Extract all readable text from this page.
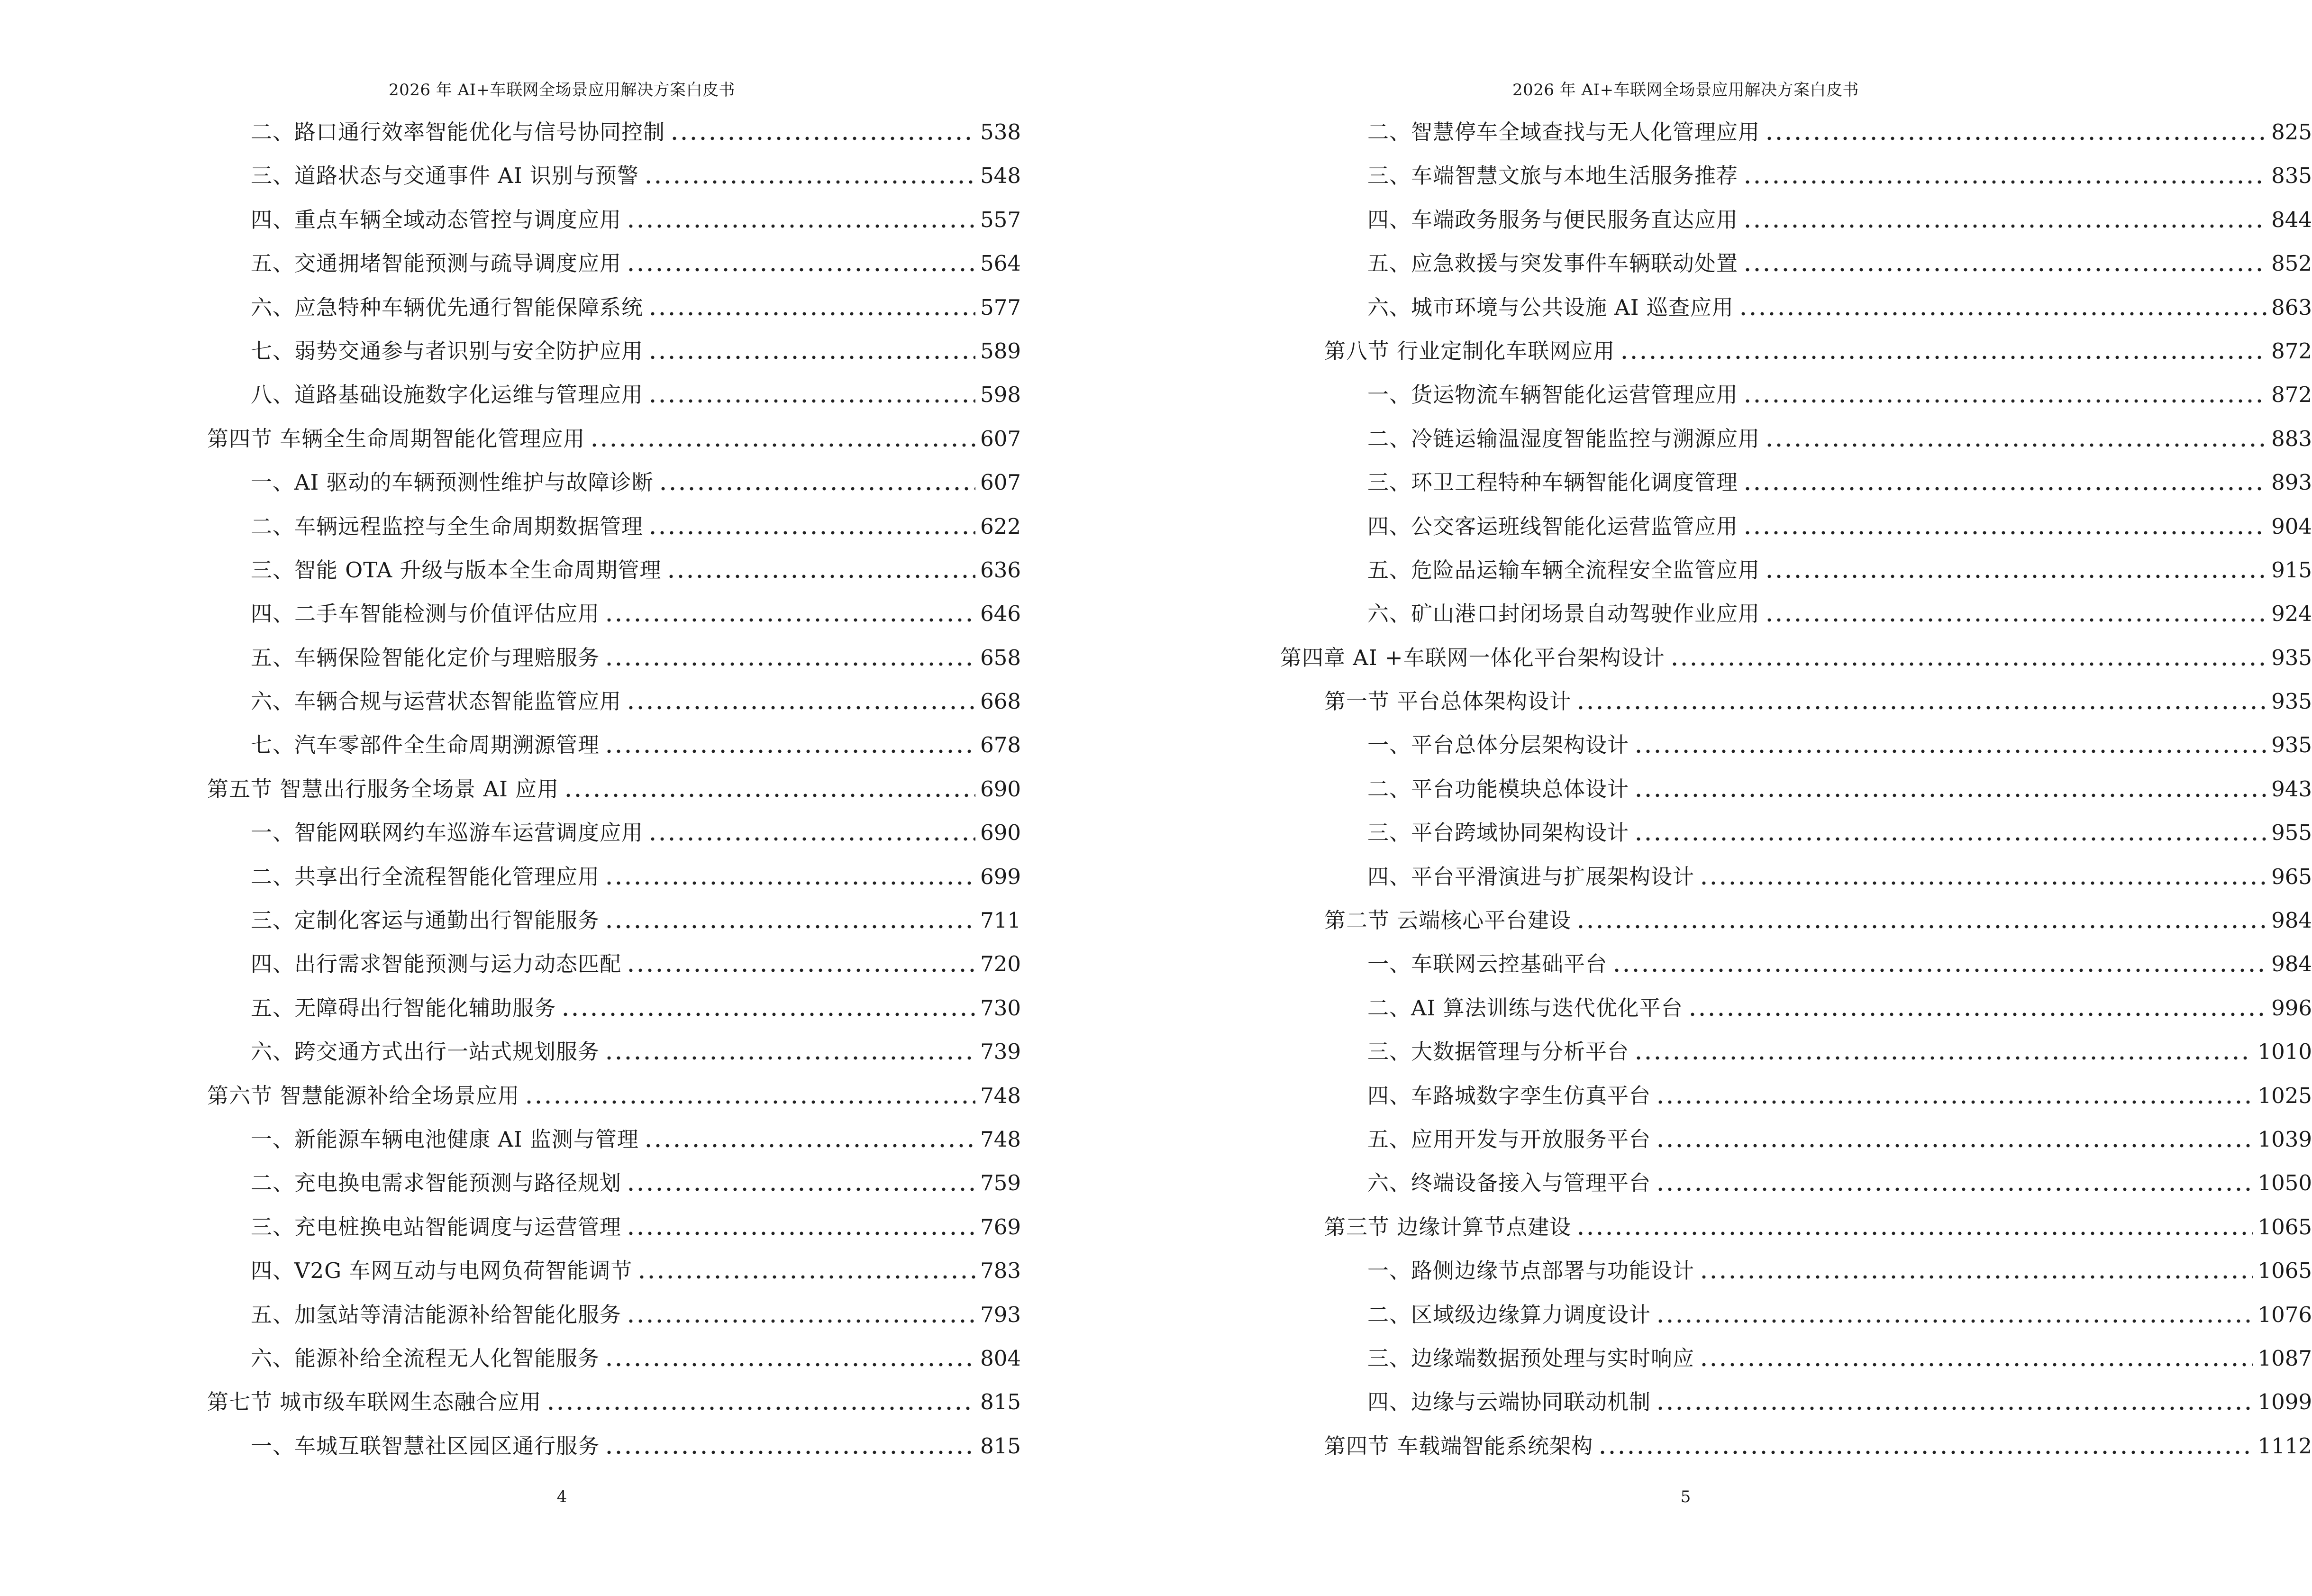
2026 年 AI+车联网全场景应用解决方案白皮书
二、路口通行效率智能优化与信号协同控制	538
三、道路状态与交通事件 AI 识别与预警	548
四、重点车辆全域动态管控与调度应用	557
五、交通拥堵智能预测与疏导调度应用	564
六、应急特种车辆优先通行智能保障系统	577
七、弱势交通参与者识别与安全防护应用	589
八、道路基础设施数字化运维与管理应用	598
第四节 车辆全生命周期智能化管理应用	607
一、AI 驱动的车辆预测性维护与故障诊断	607
二、车辆远程监控与全生命周期数据管理	622
三、智能 OTA 升级与版本全生命周期管理	636
四、二手车智能检测与价值评估应用	646
五、车辆保险智能化定价与理赔服务	658
六、车辆合规与运营状态智能监管应用	668
七、汽车零部件全生命周期溯源管理	678
第五节 智慧出行服务全场景 AI 应用	690
一、智能网联网约车巡游车运营调度应用	690
二、共享出行全流程智能化管理应用	699
三、定制化客运与通勤出行智能服务	711
四、出行需求智能预测与运力动态匹配	720
五、无障碍出行智能化辅助服务	730
六、跨交通方式出行一站式规划服务	739
第六节 智慧能源补给全场景应用	748
一、新能源车辆电池健康 AI 监测与管理	748
二、充电换电需求智能预测与路径规划	759
三、充电桩换电站智能调度与运营管理	769
四、V2G 车网互动与电网负荷智能调节	783
五、加氢站等清洁能源补给智能化服务	793
六、能源补给全流程无人化智能服务	804
第七节 城市级车联网生态融合应用	815
一、车城互联智慧社区园区通行服务	815
4
2026 年 AI+车联网全场景应用解决方案白皮书
二、智慧停车全域查找与无人化管理应用	825
三、车端智慧文旅与本地生活服务推荐	835
四、车端政务服务与便民服务直达应用	844
五、应急救援与突发事件车辆联动处置	852
六、城市环境与公共设施 AI 巡查应用	863
第八节 行业定制化车联网应用	872
一、货运物流车辆智能化运营管理应用	872
二、冷链运输温湿度智能监控与溯源应用	883
三、环卫工程特种车辆智能化调度管理	893
四、公交客运班线智能化运营监管应用	904
五、危险品运输车辆全流程安全监管应用	915
六、矿山港口封闭场景自动驾驶作业应用	924
第四章 AI +车联网一体化平台架构设计	935
第一节 平台总体架构设计	935
一、平台总体分层架构设计	935
二、平台功能模块总体设计	943
三、平台跨域协同架构设计	955
四、平台平滑演进与扩展架构设计	965
第二节 云端核心平台建设	984
一、车联网云控基础平台	984
二、AI 算法训练与迭代优化平台	996
三、大数据管理与分析平台	1010
四、车路城数字孪生仿真平台	1025
五、应用开发与开放服务平台	1039
六、终端设备接入与管理平台	1050
第三节 边缘计算节点建设	1065
一、路侧边缘节点部署与功能设计	1065
二、区域级边缘算力调度设计	1076
三、边缘端数据预处理与实时响应	1087
四、边缘与云端协同联动机制	1099
第四节 车载端智能系统架构	1112
5
